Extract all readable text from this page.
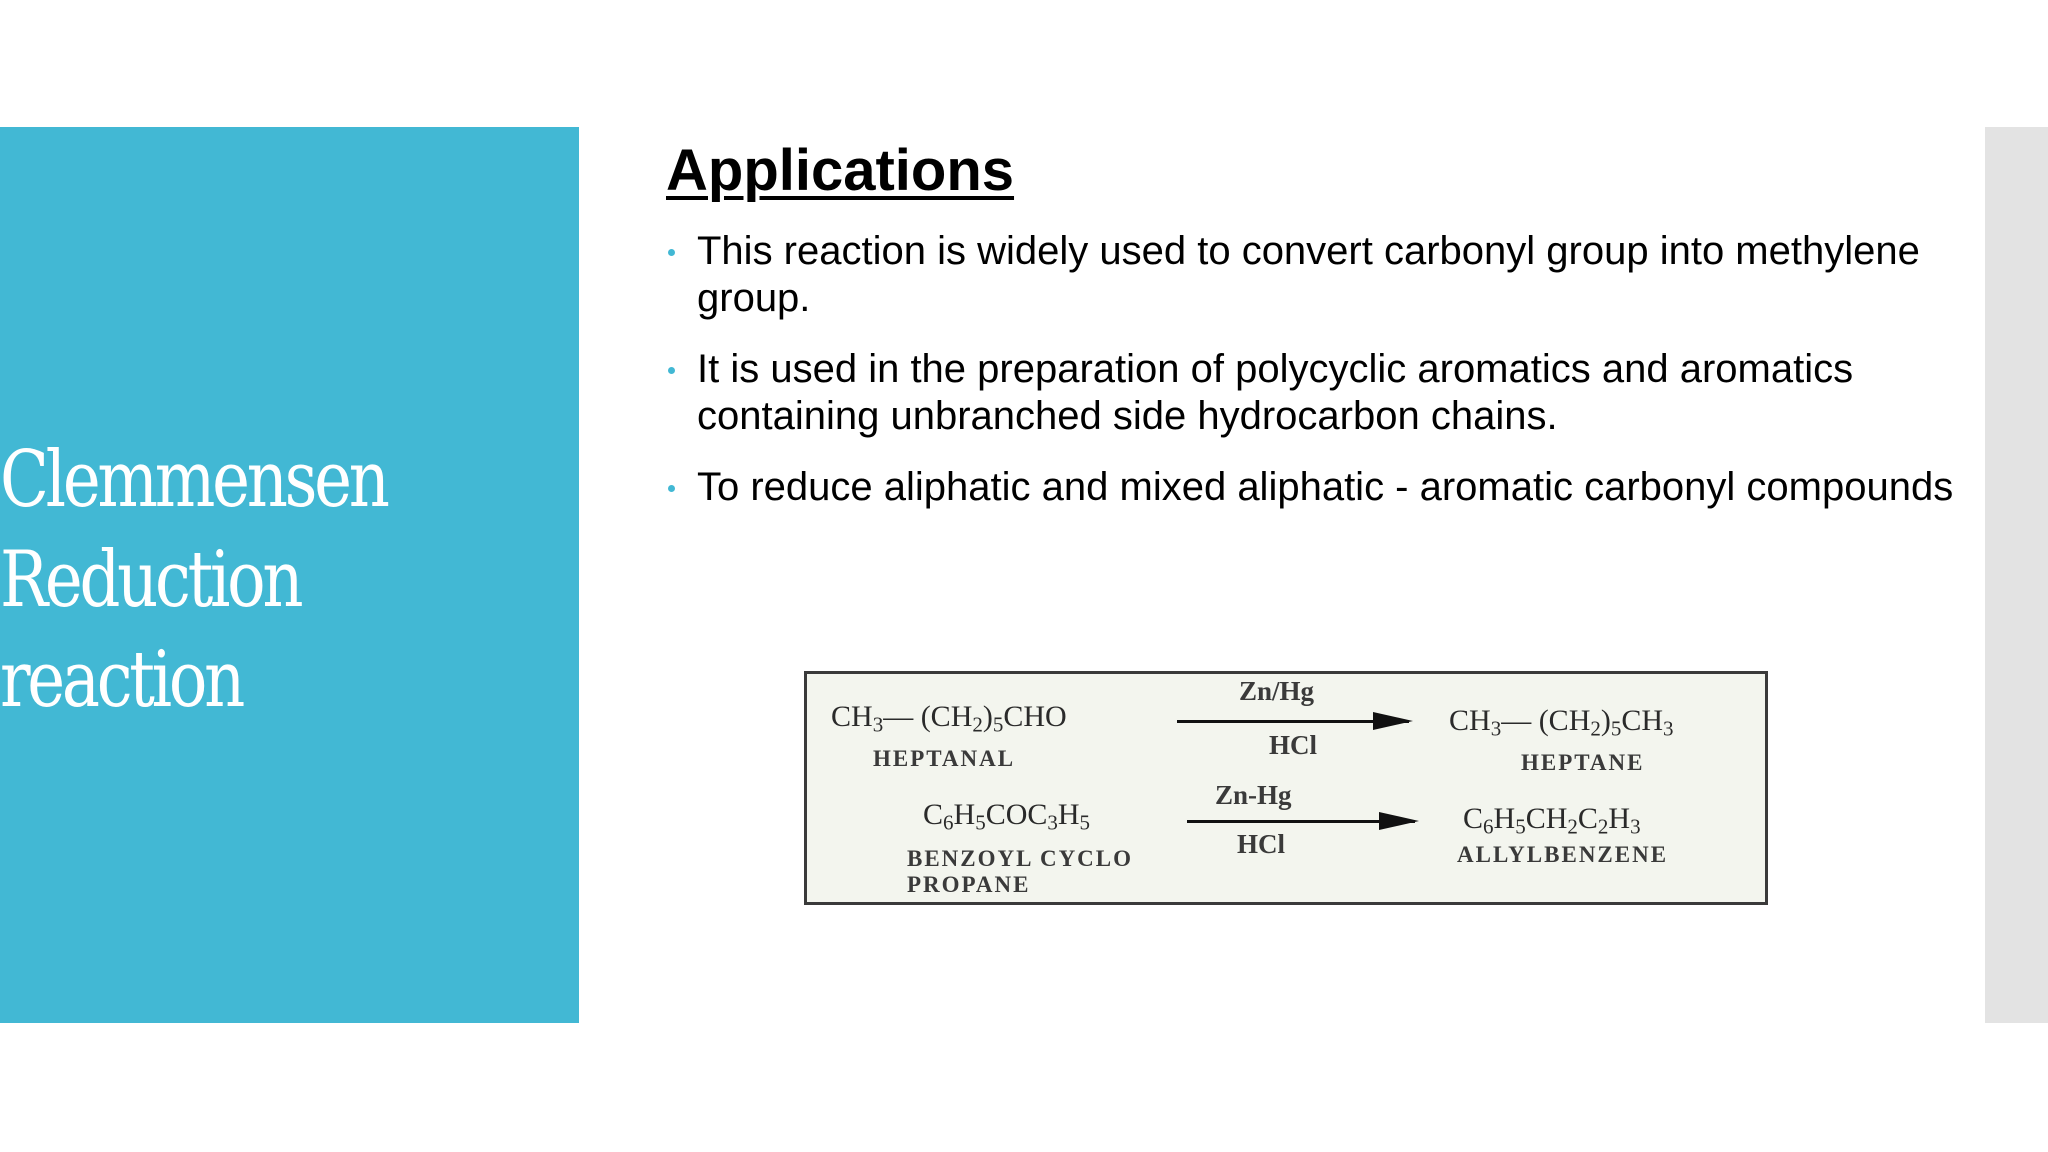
Clemmensen
Reduction
reaction
Applications
This reaction is widely used to convert carbonyl group into methylene group.
It is used in the preparation of polycyclic aromatics and aromatics containing unbranched side hydrocarbon chains.
To reduce aliphatic and mixed aliphatic - aromatic carbonyl compounds
$CH_3—$ $(CH_2)_5CHO$
HEPTANAL
Zn/Hg
HCl
$CH_3—$ $(CH_2)_5CH_3$
HEPTANE
$C_6H_5COC_3H_5$
BENZOYL CYCLO
PROPANE
Zn-Hg
HCl
$C_6H_5CH_2C_2H_3$
ALLYLBENZENE
